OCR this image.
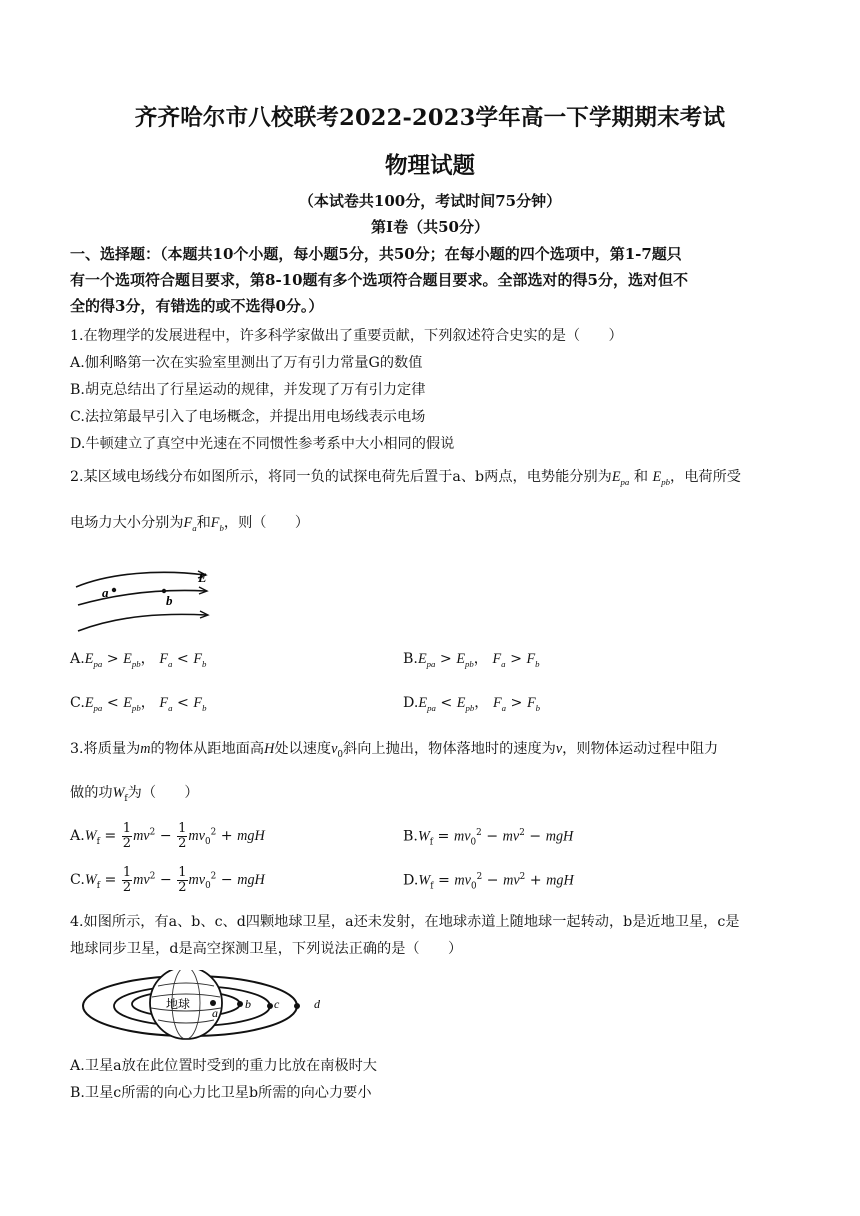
齐齐哈尔市八校联考2022-2023学年高一下学期期末考试
物理试题
（本试卷共100分，考试时间75分钟）
第Ⅰ卷（共50分）
一、选择题：（本题共10个小题，每小题5分，共50分；在每小题的四个选项中，第1-7题只
有一个选项符合题目要求，第8-10题有多个选项符合题目要求。全部选对的得5分，选对但不
全的得3分，有错选的或不选得0分。）
1.在物理学的发展进程中，许多科学家做出了重要贡献，下列叙述符合史实的是（　　）
A.伽利略第一次在实验室里测出了万有引力常量G的数值
B.胡克总结出了行星运动的规律，并发现了万有引力定律
C.法拉第最早引入了电场概念，并提出用电场线表示电场
D.牛顿建立了真空中光速在不同惯性参考系中大小相同的假说
2.某区域电场线分布如图所示，将同一负的试探电荷先后置于a、b两点，电势能分别为$E_{pa}$ 和 $E_{pb}$，电荷所受
电场力大小分别为$F_a$和$F_b$，则（　　）
a
b
E
$A.E_{pa} > E_{pb}$， $F_a < F_b$	$B.E_{pa} > E_{pb}$， $F_a > F_b$
$C.E_{pa} < E_{pb}$， $F_a < F_b$	$D.E_{pa} < E_{pb}$， $F_a > F_b$
3.将质量为m的物体从距地面高H处以速度$v_0$斜向上抛出，物体落地时的速度为v，则物体运动过程中阻力
做的功$W_f$为（　　）
$A.W_f = \frac{1}{2} mv^2 - \frac{1}{2} mv_0^2$ + mgH	$B.W_f = mv_0^2 - mv^2$ − mgH
$C.W_f = \frac{1}{2} mv^2 - \frac{1}{2} mv_0^2$ − mgH	$D.W_f = mv_0^2 - mv^2$ + mgH
4.如图所示，有a、b、c、d四颗地球卫星，a还未发射，在地球赤道上随地球一起转动，b是近地卫星，c是
地球同步卫星，d是高空探测卫星，下列说法正确的是（　　）
地球
a
b c	d
A.卫星a放在此位置时受到的重力比放在南极时大
B.卫星c所需的向心力比卫星b所需的向心力要小
